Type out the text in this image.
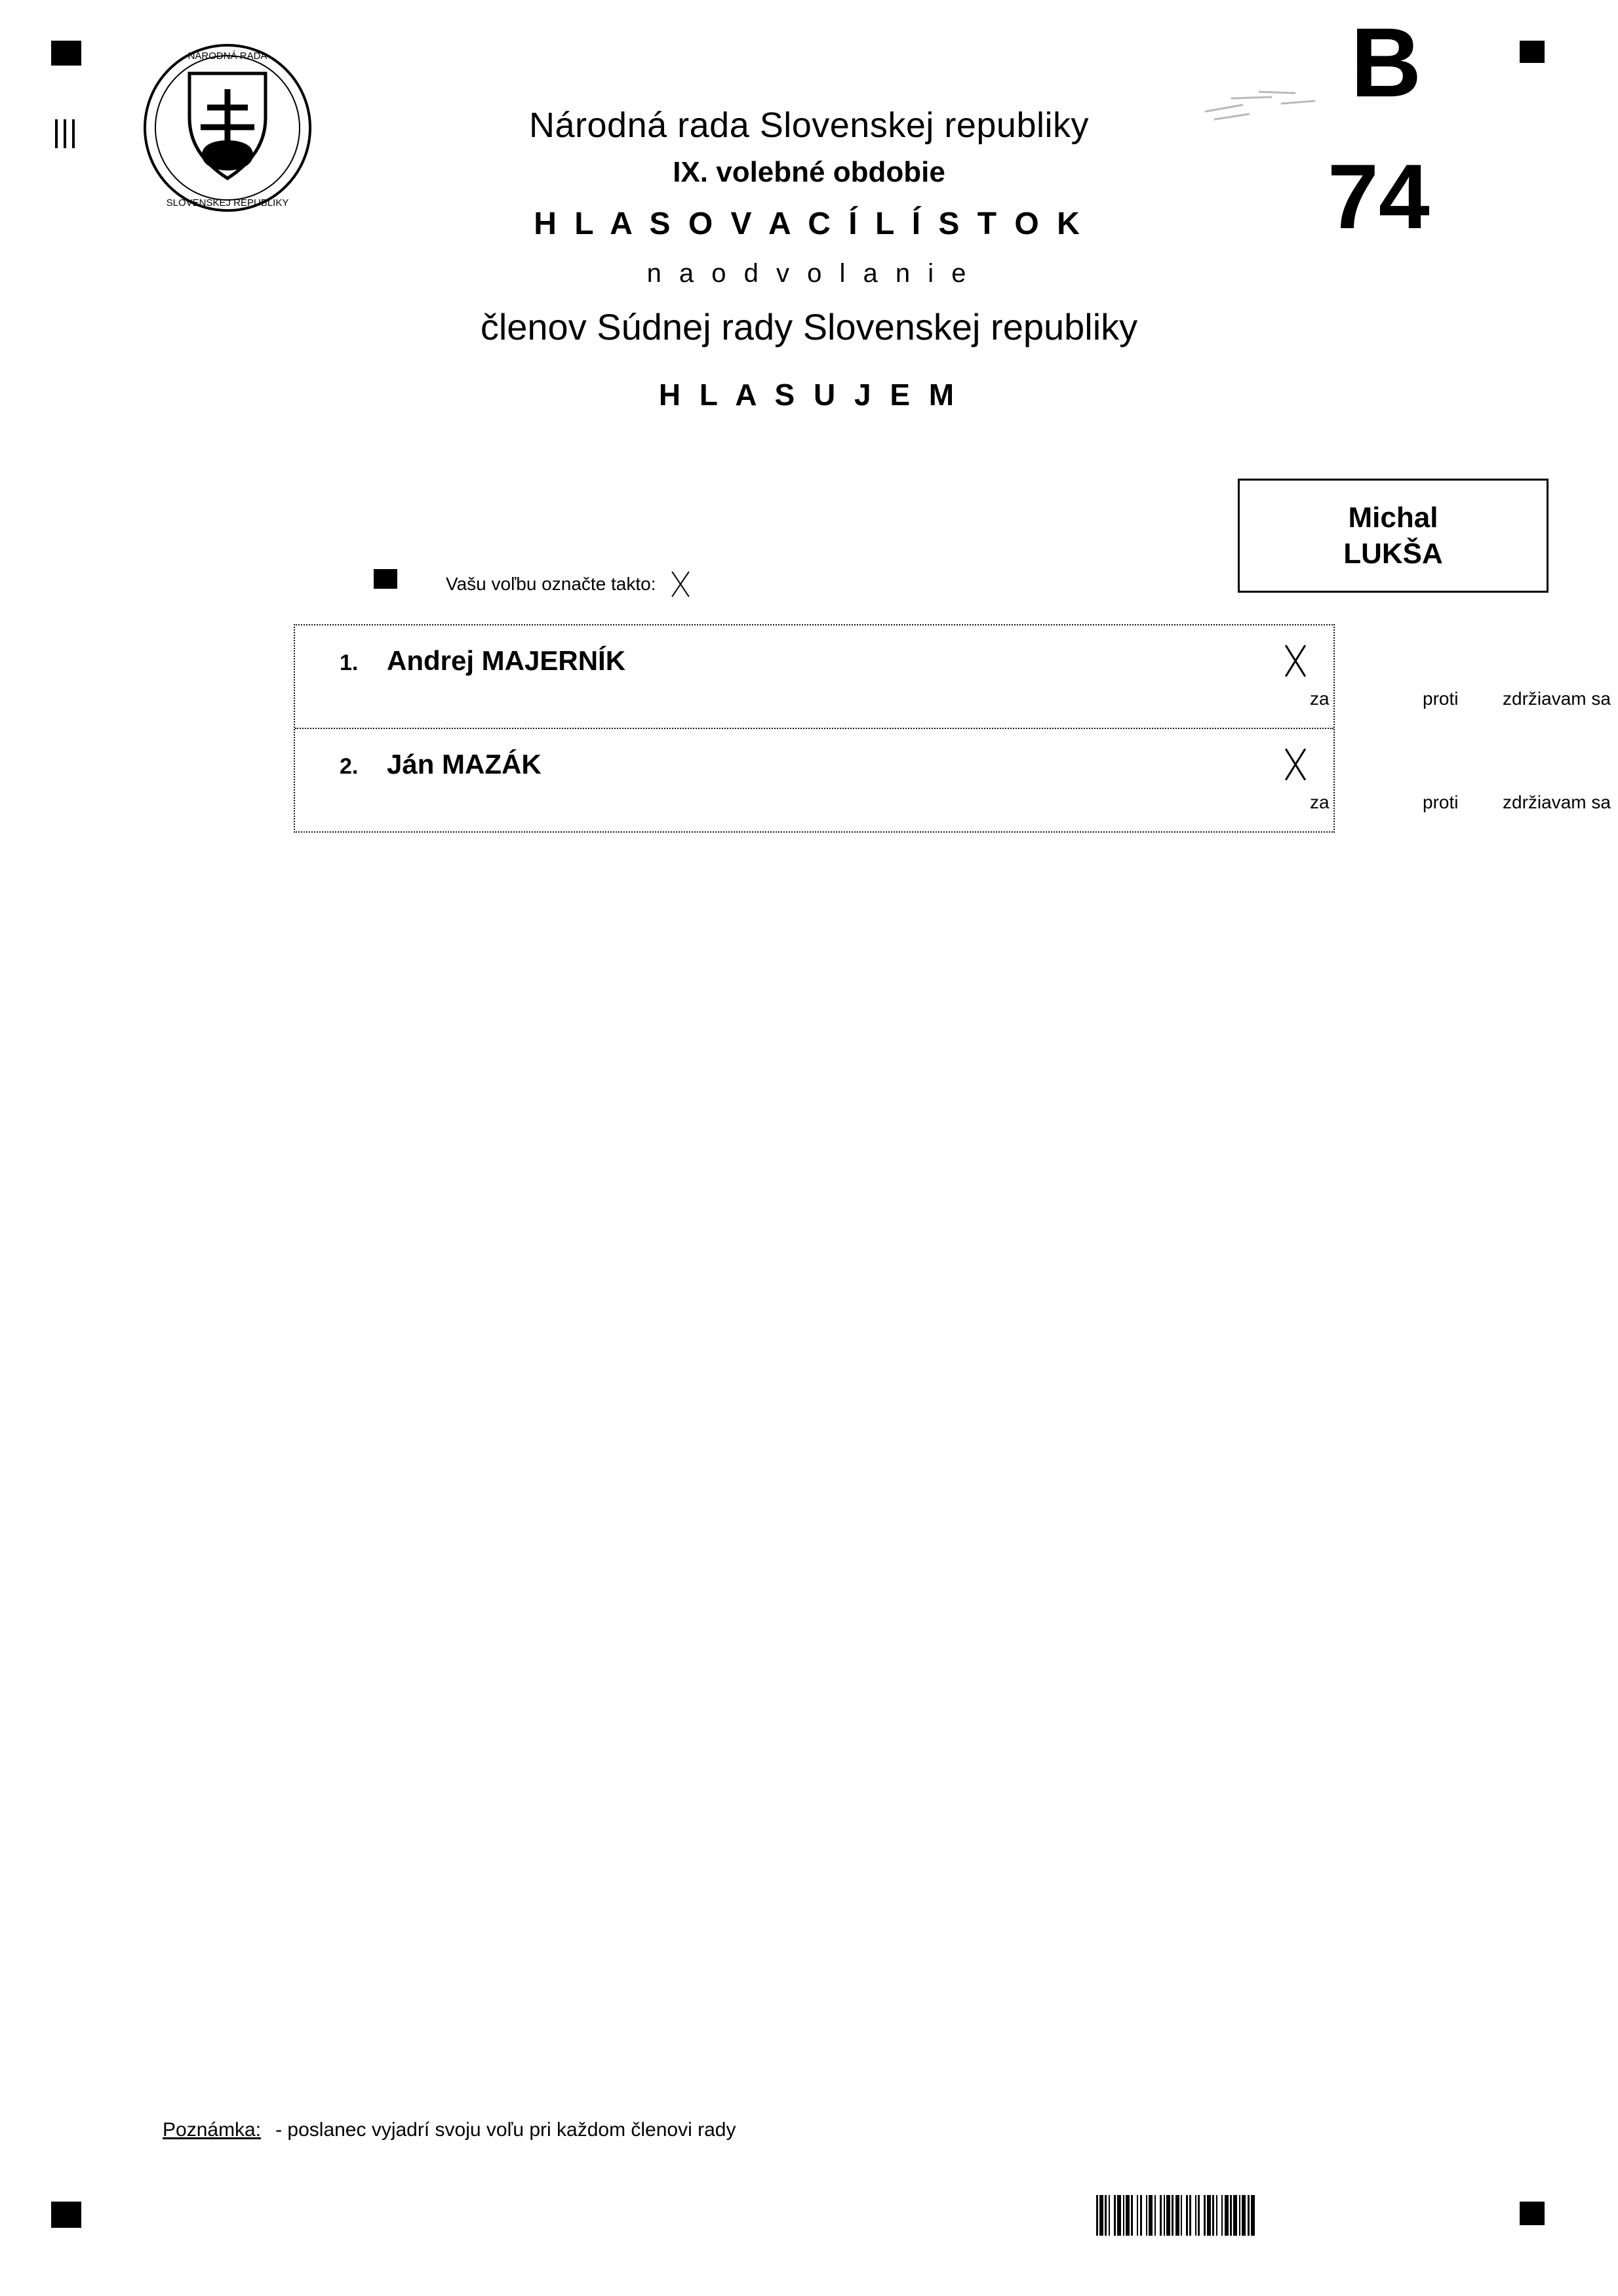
NÁRODNÁ RADA
SLOVENSKEJ REPUBLIKY
B
74
Národná rada Slovenskej republiky
IX. volebné obdobie
H L A S O V A C Í L Í S T O K
n a o d v o l a n i e
členov Súdnej rady Slovenskej republiky
H L A S U J E M
Michal
LUKŠA
Vašu voľbu označte takto:
1. Andrej MAJERNÍK
za	proti zdržiavam sa
2. Ján MAZÁK
za	proti zdržiavam sa
Poznámka: - poslanec vyjadrí svoju voľu pri každom členovi rady
